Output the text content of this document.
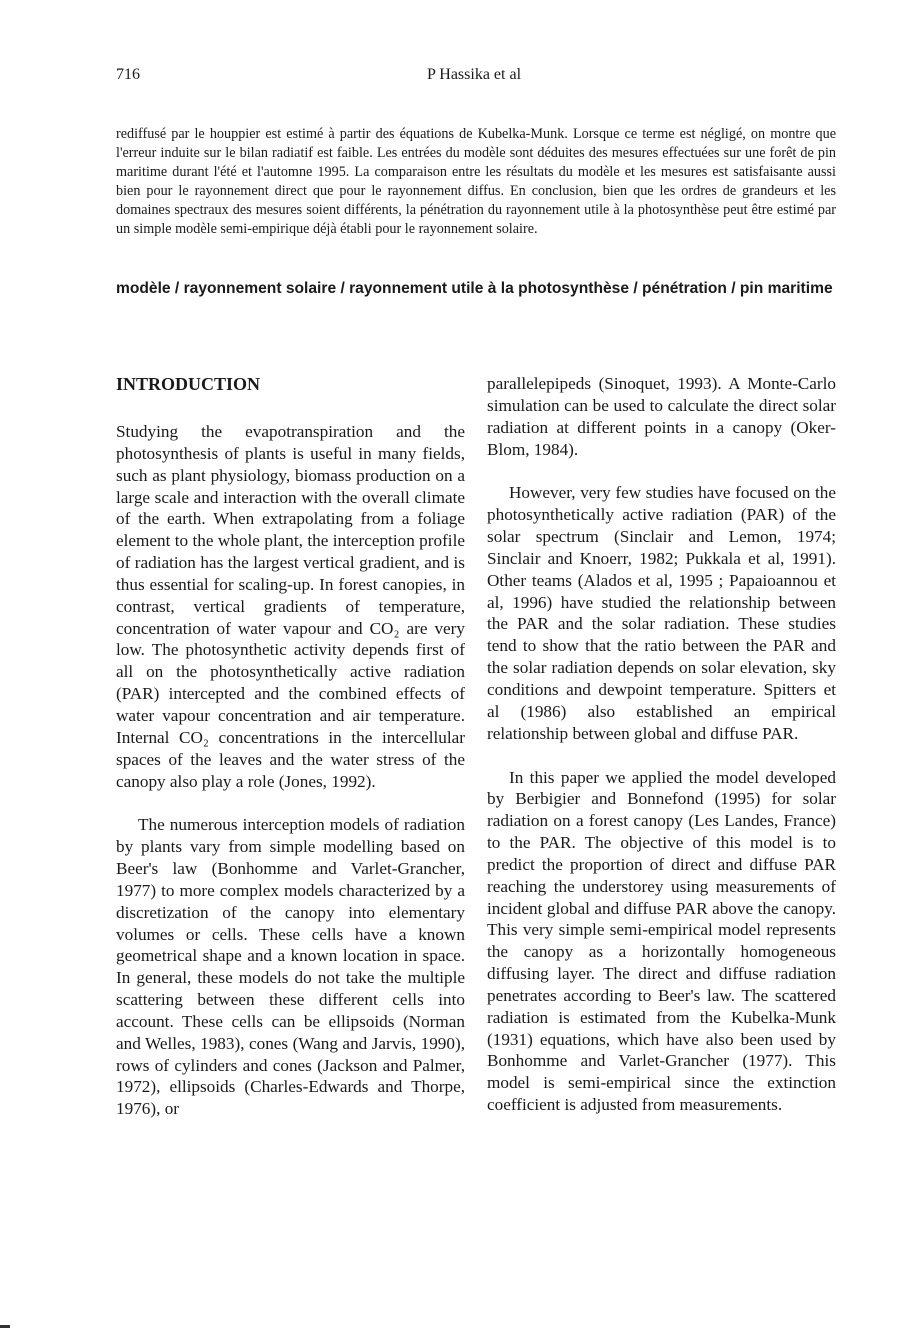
716	P Hassika et al

rediffusé par le houppier est estimé à partir des équations de Kubelka-Munk. Lorsque ce terme est négligé, on montre que l'erreur induite sur le bilan radiatif est faible. Les entrées du modèle sont déduites des mesures effectuées sur une forêt de pin maritime durant l'été et l'automne 1995. La comparaison entre les résultats du modèle et les mesures est satisfaisante aussi bien pour le rayonnement direct que pour le rayonnement diffus. En conclusion, bien que les ordres de grandeurs et les domaines spectraux des mesures soient différents, la pénétration du rayonnement utile à la photosynthèse peut être estimé par un simple modèle semi-empirique déjà établi pour le rayonnement solaire.

modèle / rayonnement solaire / rayonnement utile à la photosynthèse / pénétration / pin maritime

INTRODUCTION

Studying the evapotranspiration and the photosynthesis of plants is useful in many fields, such as plant physiology, biomass production on a large scale and interaction with the overall climate of the earth. When extrapolating from a foliage element to the whole plant, the interception profile of radiation has the largest vertical gradient, and is thus essential for scaling-up. In forest canopies, in contrast, vertical gradients of temperature, concentration of water vapour and CO₂ are very low. The photosynthetic activity depends first of all on the photosynthetically active radiation (PAR) intercepted and the combined effects of water vapour concentration and air temperature. Internal CO₂ concentrations in the intercellular spaces of the leaves and the water stress of the canopy also play a role (Jones, 1992).

The numerous interception models of radiation by plants vary from simple modelling based on Beer's law (Bonhomme and Varlet-Grancher, 1977) to more complex models characterized by a discretization of the canopy into elementary volumes or cells. These cells have a known geometrical shape and a known location in space. In general, these models do not take the multiple scattering between these different cells into account. These cells can be ellipsoids (Norman and Welles, 1983), cones (Wang and Jarvis, 1990), rows of cylinders and cones (Jackson and Palmer, 1972), ellipsoids (Charles-Edwards and Thorpe, 1976), or

parallelepipeds (Sinoquet, 1993). A Monte-Carlo simulation can be used to calculate the direct solar radiation at different points in a canopy (Oker-Blom, 1984).

However, very few studies have focused on the photosynthetically active radiation (PAR) of the solar spectrum (Sinclair and Lemon, 1974; Sinclair and Knoerr, 1982; Pukkala et al, 1991). Other teams (Alados et al, 1995 ; Papaioannou et al, 1996) have studied the relationship between the PAR and the solar radiation. These studies tend to show that the ratio between the PAR and the solar radiation depends on solar elevation, sky conditions and dewpoint temperature. Spitters et al (1986) also established an empirical relationship between global and diffuse PAR.

In this paper we applied the model developed by Berbigier and Bonnefond (1995) for solar radiation on a forest canopy (Les Landes, France) to the PAR. The objective of this model is to predict the proportion of direct and diffuse PAR reaching the understorey using measurements of incident global and diffuse PAR above the canopy. This very simple semi-empirical model represents the canopy as a horizontally homogeneous diffusing layer. The direct and diffuse radiation penetrates according to Beer's law. The scattered radiation is estimated from the Kubelka-Munk (1931) equations, which have also been used by Bonhomme and Varlet-Grancher (1977). This model is semi-empirical since the extinction coefficient is adjusted from measurements.
